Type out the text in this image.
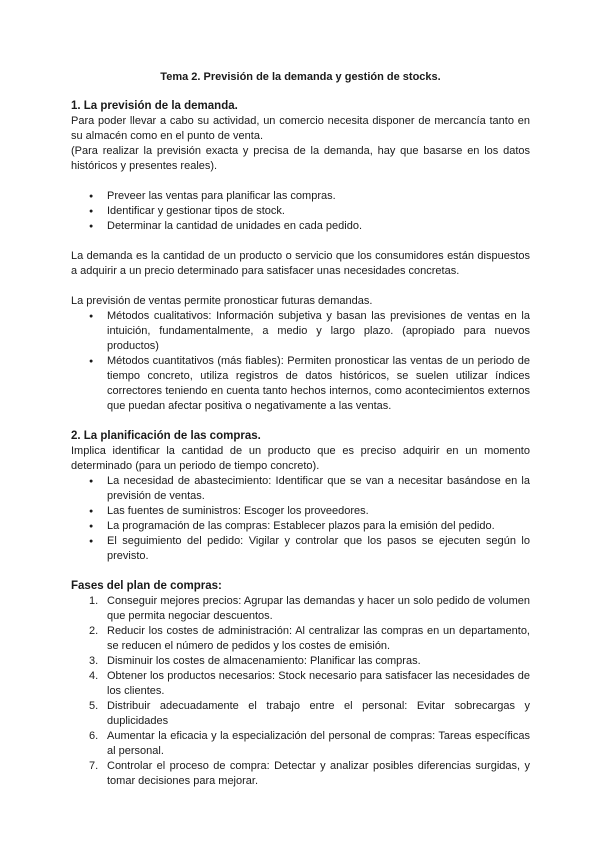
Tema 2. Previsión de la demanda y gestión de stocks.
1. La previsión de la demanda.

Para poder llevar a cabo su actividad, un comercio necesita disponer de mercancía tanto en su almacén como en el punto de venta.

(Para realizar la previsión exacta y precisa de la demanda, hay que basarse en los datos históricos y presentes reales).

● Preveer las ventas para planificar las compras.
● Identificar y gestionar tipos de stock.
● Determinar la cantidad de unidades en cada pedido.

La demanda es la cantidad de un producto o servicio que los consumidores están dispuestos a adquirir a un precio determinado para satisfacer unas necesidades concretas.

La previsión de ventas permite pronosticar futuras demandas.

● Métodos cualitativos: Información subjetiva y basan las previsiones de ventas en la intuición, fundamentalmente, a medio y largo plazo. (apropiado para nuevos productos)
● Métodos cuantitativos (más fiables): Permiten pronosticar las ventas de un periodo de tiempo concreto, utiliza registros de datos históricos, se suelen utilizar índices correctores teniendo en cuenta tanto hechos internos, como acontecimientos externos que puedan afectar positiva o negativamente a las ventas.
2. La planificación de las compras.

Implica identificar la cantidad de un producto que es preciso adquirir en un momento determinado (para un periodo de tiempo concreto).

● La necesidad de abastecimiento: Identificar que se van a necesitar basándose en la previsión de ventas.
● Las fuentes de suministros: Escoger los proveedores.
● La programación de las compras: Establecer plazos para la emisión del pedido.
● El seguimiento del pedido: Vigilar y controlar que los pasos se ejecuten según lo previsto.
Fases del plan de compras:
1. Conseguir mejores precios: Agrupar las demandas y hacer un solo pedido de volumen que permita negociar descuentos.
2. Reducir los costes de administración: Al centralizar las compras en un departamento, se reducen el número de pedidos y los costes de emisión.
3. Disminuir los costes de almacenamiento: Planificar las compras.
4. Obtener los productos necesarios: Stock necesario para satisfacer las necesidades de los clientes.
5. Distribuir adecuadamente el trabajo entre el personal: Evitar sobrecargas y duplicidades
6. Aumentar la eficacia y la especialización del personal de compras: Tareas específicas al personal.
7. Controlar el proceso de compra: Detectar y analizar posibles diferencias surgidas, y tomar decisiones para mejorar.
